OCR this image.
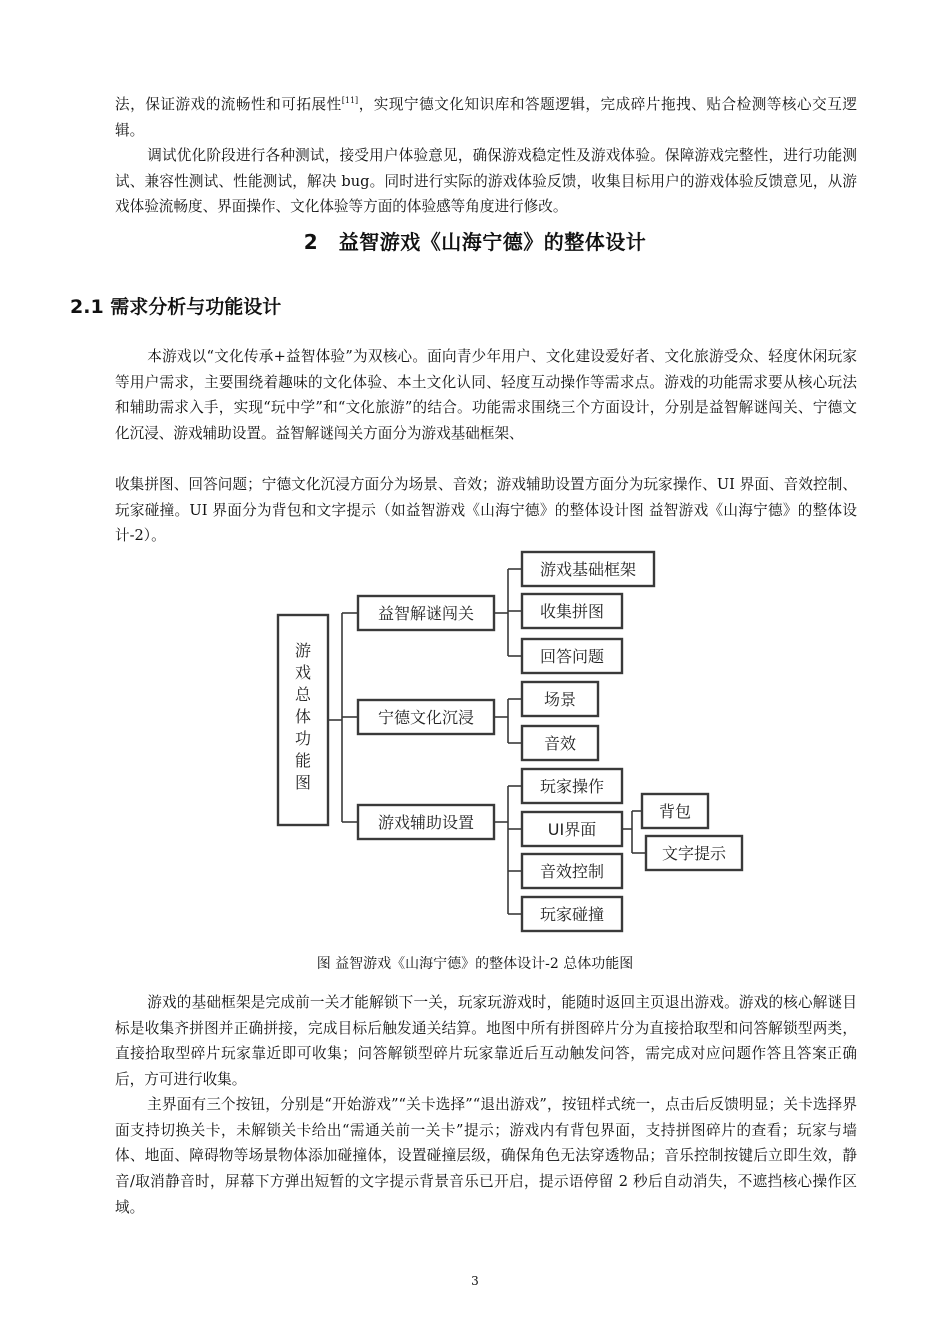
法，保证游戏的流畅性和可拓展性[11]，实现宁德文化知识库和答题逻辑，完成碎片拖拽、贴合检测等核心交互逻辑。

调试优化阶段进行各种测试，接受用户体验意见，确保游戏稳定性及游戏体验。保障游戏完整性，进行功能测试、兼容性测试、性能测试，解决 bug。同时进行实际的游戏体验反馈，收集目标用户的游戏体验反馈意见，从游戏体验流畅度、界面操作、文化体验等方面的体验感等角度进行修改。

2　益智游戏《山海宁德》的整体设计
2.1 需求分析与功能设计

本游戏以“文化传承+益智体验”为双核心。面向青少年用户、文化建设爱好者、文化旅游受众、轻度休闲玩家等用户需求，主要围绕着趣味的文化体验、本土文化认同、轻度互动操作等需求点。游戏的功能需求要从核心玩法和辅助需求入手，实现“玩中学”和“文化旅游”的结合。功能需求围绕三个方面设计，分别是益智解谜闯关、宁德文化沉浸、游戏辅助设置。益智解谜闯关方面分为游戏基础框架、

收集拼图、回答问题；宁德文化沉浸方面分为场景、音效；游戏辅助设置方面分为玩家操作、UI 界面、音效控制、玩家碰撞。UI 界面分为背包和文字提示（如益智游戏《山海宁德》的整体设计图 益智游戏《山海宁德》的整体设计-2）。

游
戏
总
体
功
能
图
益智解谜闯关
宁德文化沉浸
游戏辅助设置
游戏基础框架
收集拼图
回答问题
场景
音效
玩家操作
UI界面
音效控制
玩家碰撞
背包
文字提示

图 益智游戏《山海宁德》的整体设计-2 总体功能图

游戏的基础框架是完成前一关才能解锁下一关，玩家玩游戏时，能随时返回主页退出游戏。游戏的核心解谜目标是收集齐拼图并正确拼接，完成目标后触发通关结算。地图中所有拼图碎片分为直接拾取型和问答解锁型两类，直接拾取型碎片玩家靠近即可收集；问答解锁型碎片玩家靠近后互动触发问答，需完成对应问题作答且答案正确后，方可进行收集。

主界面有三个按钮，分别是“开始游戏”“关卡选择”“退出游戏”，按钮样式统一，点击后反馈明显；关卡选择界面支持切换关卡，未解锁关卡给出“需通关前一关卡”提示；游戏内有背包界面，支持拼图碎片的查看；玩家与墙体、地面、障碍物等场景物体添加碰撞体，设置碰撞层级，确保角色无法穿透物品；音乐控制按键后立即生效，静音/取消静音时，屏幕下方弹出短暂的文字提示背景音乐已开启，提示语停留 2 秒后自动消失，不遮挡核心操作区域。

3
